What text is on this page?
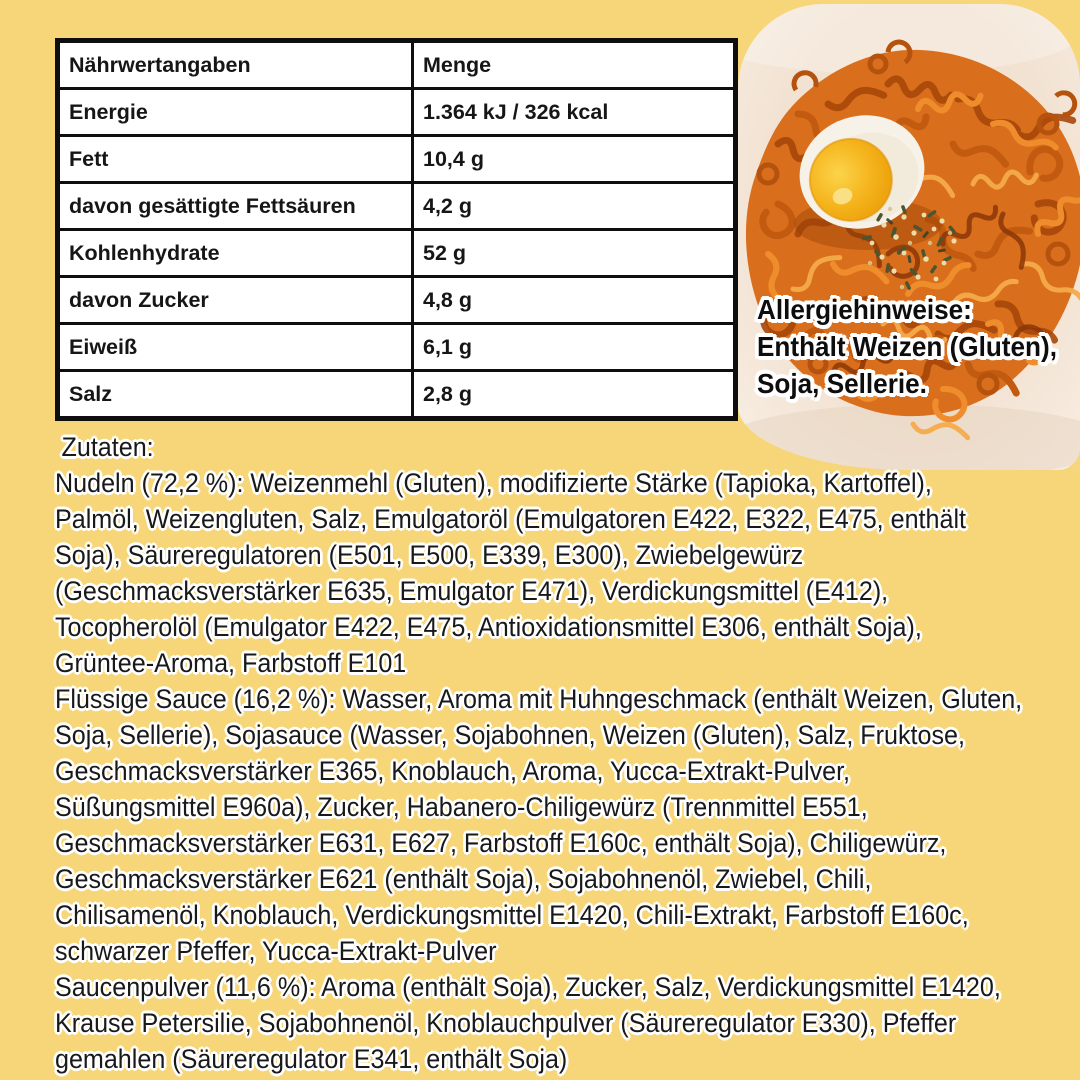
Nährwertangaben	Menge
Energie	1.364 kJ / 326 kcal
Fett	10,4 g
davon gesättigte Fettsäuren	4,2 g
Kohlenhydrate	52 g
davon Zucker	4,8 g
Eiweiß	6,1 g
Salz	2,8 g
Allergiehinweise:
Enthält Weizen (Gluten),
Soja, Sellerie.
Zutaten:
Nudeln (72,2 %): Weizenmehl (Gluten), modifizierte Stärke (Tapioka, Kartoffel),
Palmöl, Weizengluten, Salz, Emulgatoröl (Emulgatoren E422, E322, E475, enthält
Soja), Säureregulatoren (E501, E500, E339, E300), Zwiebelgewürz
(Geschmacksverstärker E635, Emulgator E471), Verdickungsmittel (E412),
Tocopherolöl (Emulgator E422, E475, Antioxidationsmittel E306, enthält Soja),
Grüntee-Aroma, Farbstoff E101
Flüssige Sauce (16,2 %): Wasser, Aroma mit Huhngeschmack (enthält Weizen, Gluten,
Soja, Sellerie), Sojasauce (Wasser, Sojabohnen, Weizen (Gluten), Salz, Fruktose,
Geschmacksverstärker E365, Knoblauch, Aroma, Yucca-Extrakt-Pulver,
Süßungsmittel E960a), Zucker, Habanero-Chiligewürz (Trennmittel E551,
Geschmacksverstärker E631, E627, Farbstoff E160c, enthält Soja), Chiligewürz,
Geschmacksverstärker E621 (enthält Soja), Sojabohnenöl, Zwiebel, Chili,
Chilisamenöl, Knoblauch, Verdickungsmittel E1420, Chili-Extrakt, Farbstoff E160c,
schwarzer Pfeffer, Yucca-Extrakt-Pulver
Saucenpulver (11,6 %): Aroma (enthält Soja), Zucker, Salz, Verdickungsmittel E1420,
Krause Petersilie, Sojabohnenöl, Knoblauchpulver (Säureregulator E330), Pfeffer
gemahlen (Säureregulator E341, enthält Soja)
